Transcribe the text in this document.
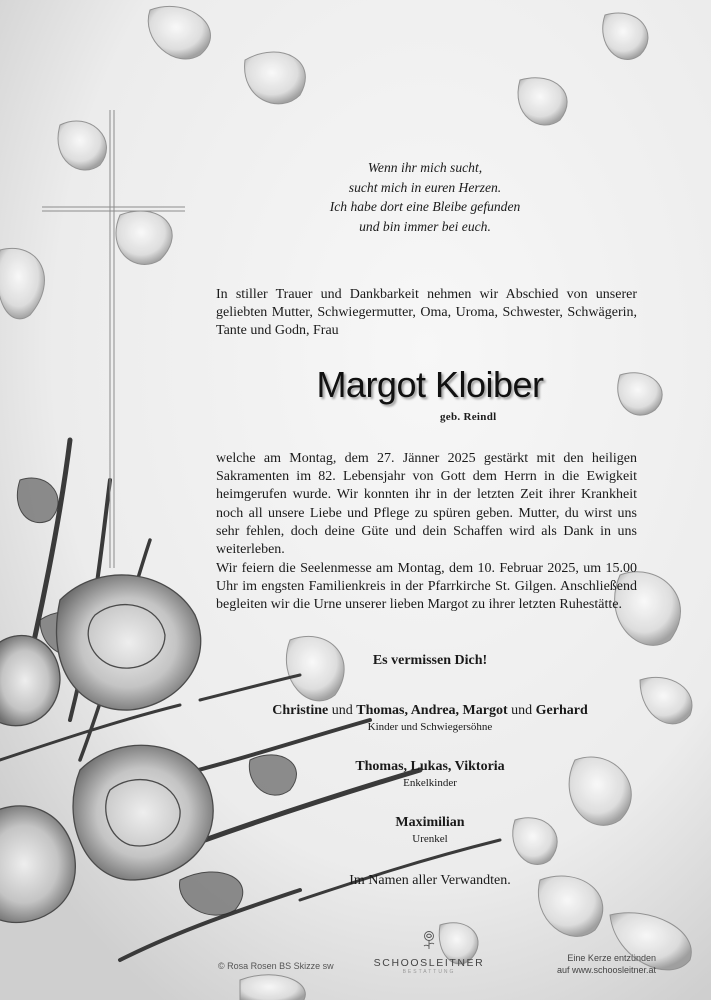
Wenn ihr mich sucht,
sucht mich in euren Herzen.
Ich habe dort eine Bleibe gefunden
und bin immer bei euch.
In stiller Trauer und Dankbarkeit nehmen wir Abschied von unserer geliebten Mutter, Schwiegermutter, Oma, Uroma, Schwester, Schwägerin, Tante und Godn, Frau
Margot Kloiber
geb. Reindl
welche am Montag, dem 27. Jänner 2025 gestärkt mit den heiligen Sakramenten im 82. Lebensjahr von Gott dem Herrn in die Ewigkeit heimgerufen wurde. Wir konnten ihr in der letzten Zeit ihrer Krankheit noch all unsere Liebe und Pflege zu spüren geben. Mutter, du wirst uns sehr fehlen, doch deine Güte und dein Schaffen wird als Dank in uns weiterleben.
Wir feiern die Seelenmesse am Montag, dem 10. Februar 2025, um 15.00 Uhr im engsten Familienkreis in der Pfarrkirche St. Gilgen. Anschließend begleiten wir die Urne unserer lieben Margot zu ihrer letzten Ruhestätte.
Es vermissen Dich!
Christine und Thomas, Andrea, Margot und Gerhard
Kinder und Schwiegersöhne
Thomas, Lukas, Viktoria
Enkelkinder
Maximilian
Urenkel
Im Namen aller Verwandten.
© Rosa Rosen BS Skizze sw	SCHOOSLEITNER
BESTATTUNG
Eine Kerze entzünden
auf www.schoosleitner.at
